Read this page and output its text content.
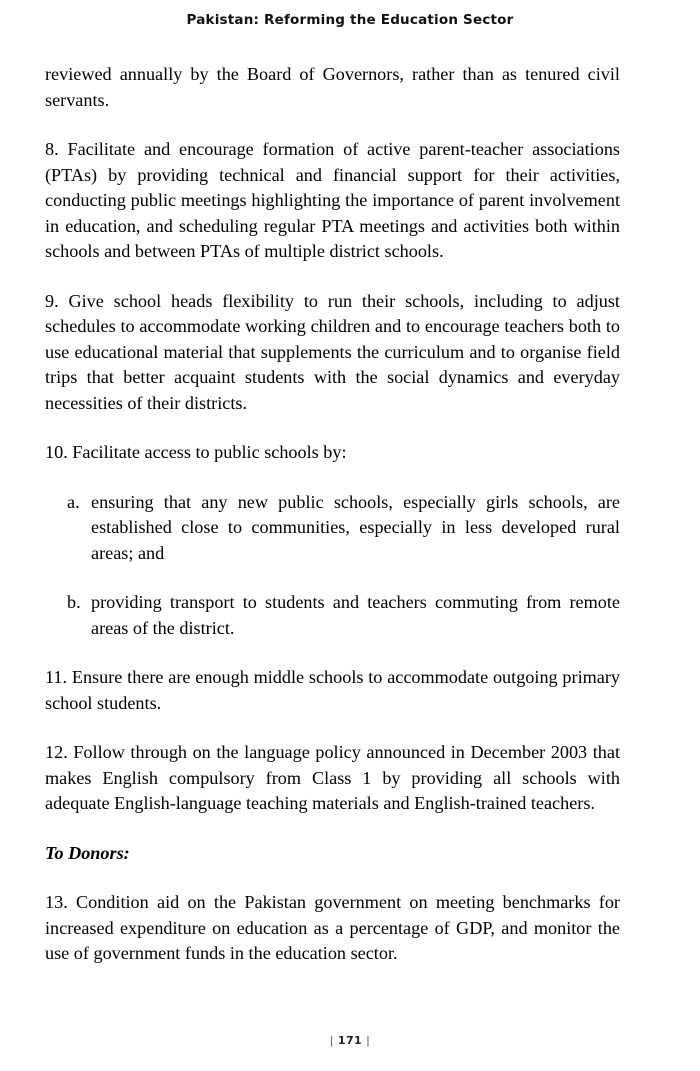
Pakistan: Reforming the Education Sector

reviewed annually by the Board of Governors, rather than as tenured civil servants.

8. Facilitate and encourage formation of active parent-teacher associations (PTAs) by providing technical and financial support for their activities, conducting public meetings highlighting the importance of parent involvement in education, and scheduling regular PTA meetings and activities both within schools and between PTAs of multiple district schools.

9. Give school heads flexibility to run their schools, including to adjust schedules to accommodate working children and to encourage teachers both to use educational material that supplements the curriculum and to organise field trips that better acquaint students with the social dynamics and everyday necessities of their districts.

10. Facilitate access to public schools by:

a. ensuring that any new public schools, especially girls schools, are established close to communities, especially in less developed rural areas; and
b. providing transport to students and teachers commuting from remote areas of the district.

11. Ensure there are enough middle schools to accommodate outgoing primary school students.

12. Follow through on the language policy announced in December 2003 that makes English compulsory from Class 1 by providing all schools with adequate English-language teaching materials and English-trained teachers.

To Donors:

13. Condition aid on the Pakistan government on meeting benchmarks for increased expenditure on education as a percentage of GDP, and monitor the use of government funds in the education sector.

| 171 |
